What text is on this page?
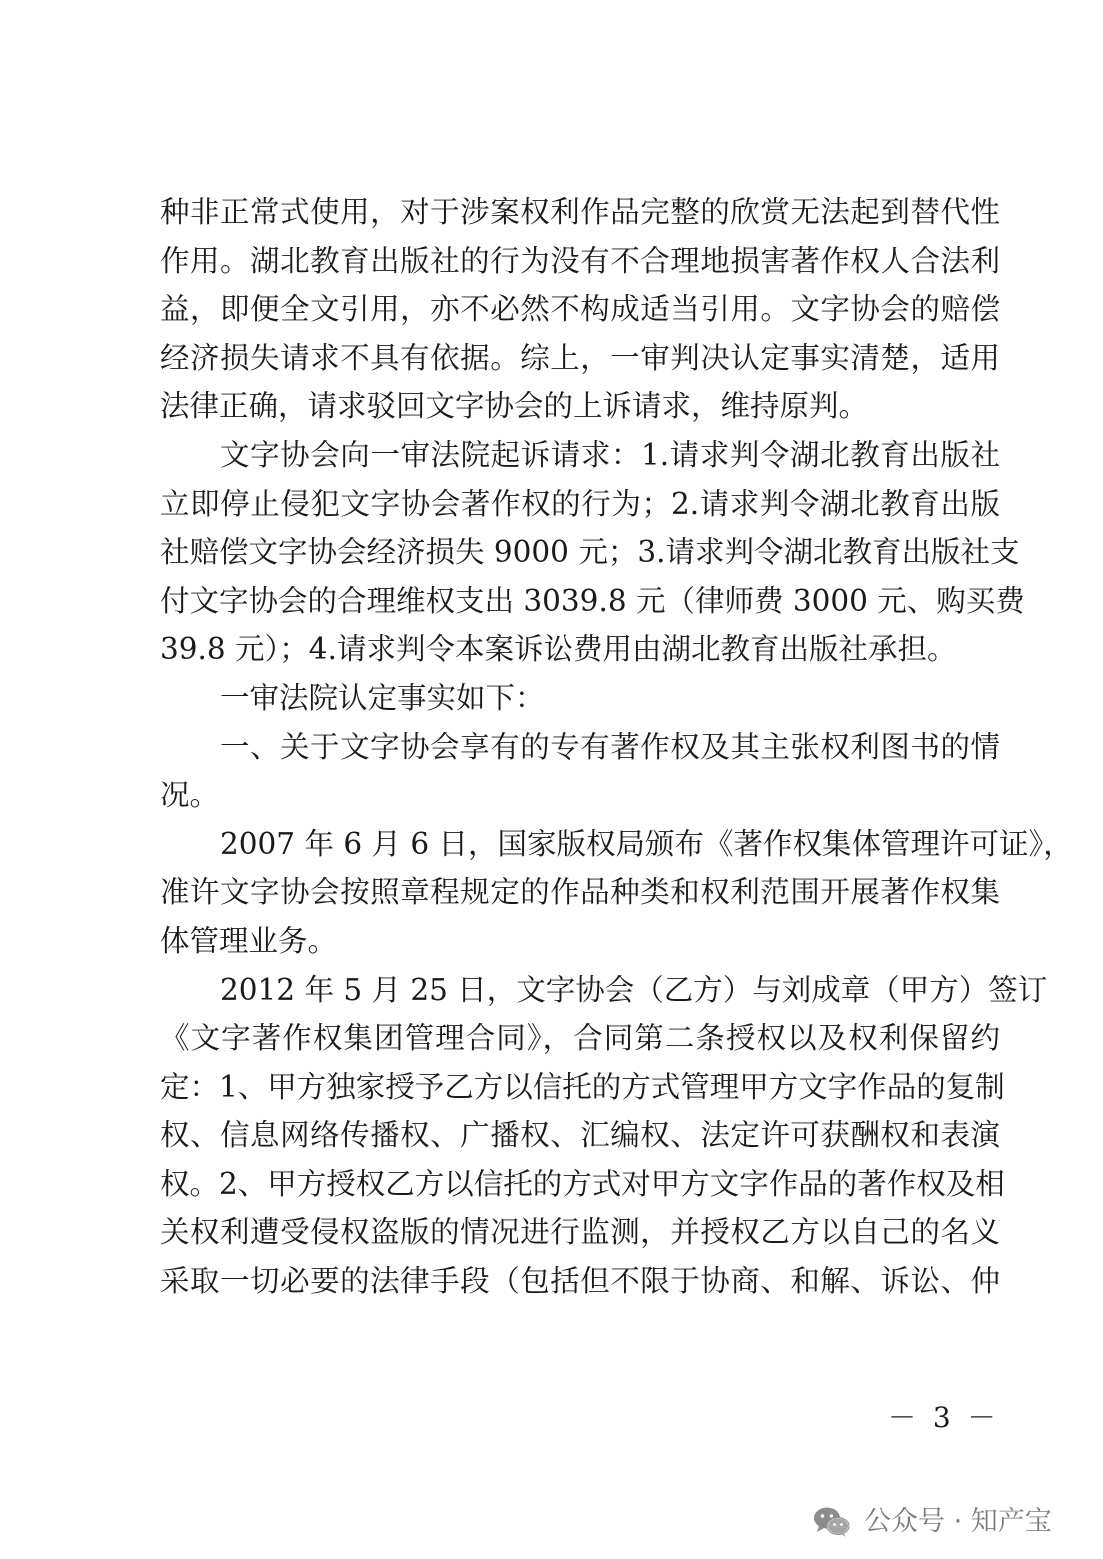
种非正常式使用，对于涉案权利作品完整的欣赏无法起到替代性
作用。湖北教育出版社的行为没有不合理地损害著作权人合法利
益，即便全文引用，亦不必然不构成适当引用。文字协会的赔偿
经济损失请求不具有依据。综上，一审判决认定事实清楚，适用
法律正确，请求驳回文字协会的上诉请求，维持原判。
文字协会向一审法院起诉请求：1.请求判令湖北教育出版社
立即停止侵犯文字协会著作权的行为；2.请求判令湖北教育出版
社赔偿文字协会经济损失 9000 元；3.请求判令湖北教育出版社支
付文字协会的合理维权支出 3039.8 元（律师费 3000 元、购买费
39.8 元）；4.请求判令本案诉讼费用由湖北教育出版社承担。
一审法院认定事实如下：
一、关于文字协会享有的专有著作权及其主张权利图书的情
况。
2007 年 6 月 6 日，国家版权局颁布《著作权集体管理许可证》，
准许文字协会按照章程规定的作品种类和权利范围开展著作权集
体管理业务。
2012 年 5 月 25 日，文字协会（乙方）与刘成章（甲方）签订
《文字著作权集团管理合同》，合同第二条授权以及权利保留约
定：1、甲方独家授予乙方以信托的方式管理甲方文字作品的复制
权、信息网络传播权、广播权、汇编权、法定许可获酬权和表演
权。2、甲方授权乙方以信托的方式对甲方文字作品的著作权及相
关权利遭受侵权盗版的情况进行监测，并授权乙方以自己的名义
采取一切必要的法律手段（包括但不限于协商、和解、诉讼、仲
－ 3 －
公众号 · 知产宝
